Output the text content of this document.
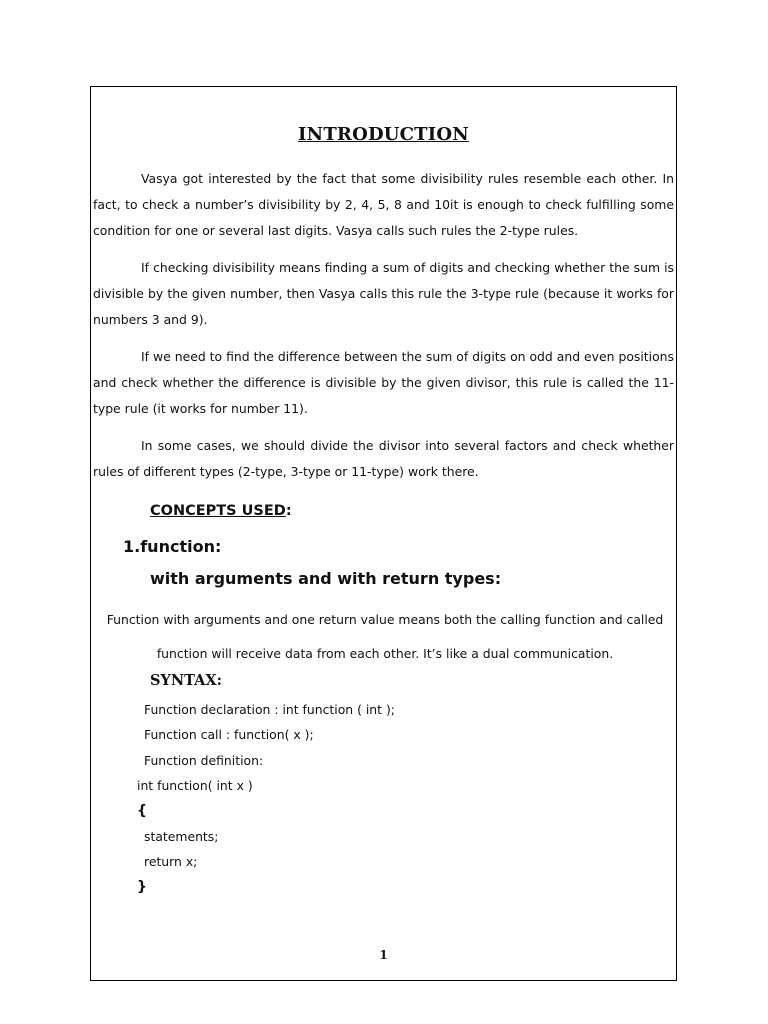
INTRODUCTION

Vasya got interested by the fact that some divisibility rules resemble each other. In fact, to check a number’s divisibility by 2, 4, 5, 8 and 10it is enough to check fulfilling some condition for one or several last digits. Vasya calls such rules the 2-type rules.

If checking divisibility means finding a sum of digits and checking whether the sum is divisible by the given number, then Vasya calls this rule the 3-type rule (because it works for numbers 3 and 9).

If we need to find the difference between the sum of digits on odd and even positions and check whether the difference is divisible by the given divisor, this rule is called the 11-type rule (it works for number 11).

In some cases, we should divide the divisor into several factors and check whether rules of different types (2-type, 3-type or 11-type) work there.

CONCEPTS USED:
1.function:
with arguments and with return types:

Function with arguments and one return value means both the calling function and called function will receive data from each other. It’s like a dual communication.

SYNTAX:
Function declaration : int function ( int );
Function call : function( x );
Function definition:
int function( int x )
{
statements;
return x;
}
1
